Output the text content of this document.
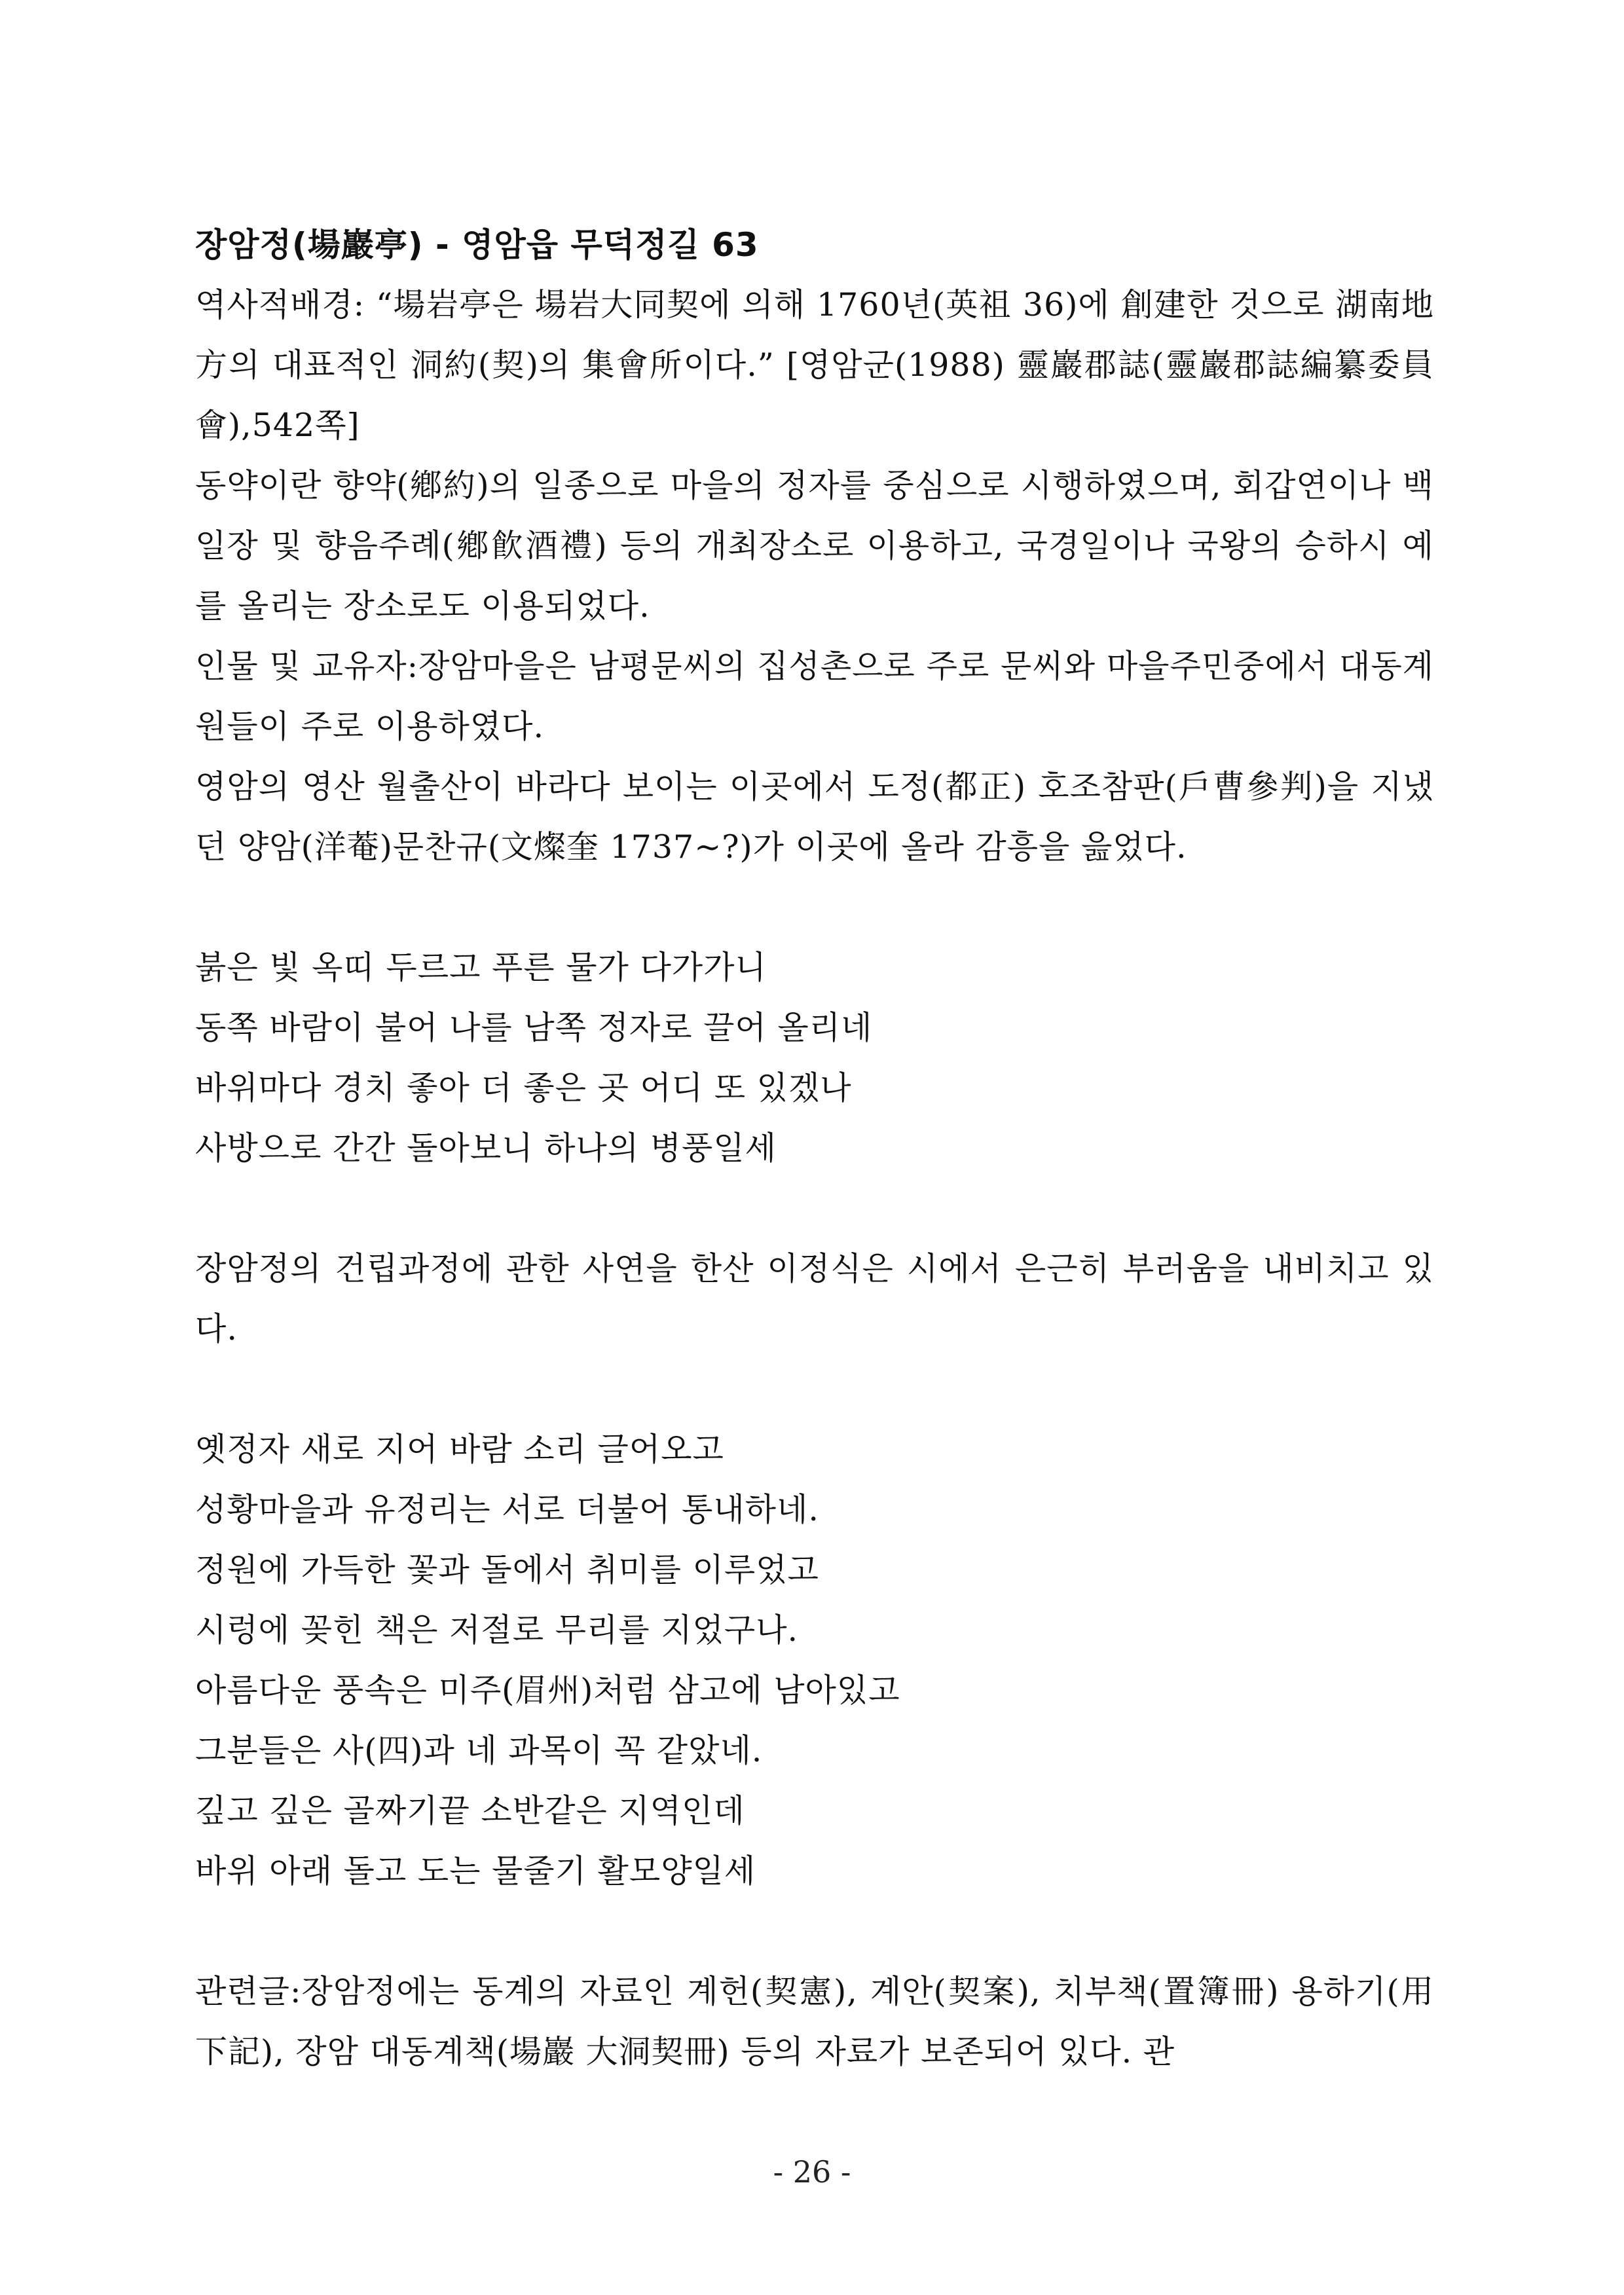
장암정(場巖亭) - 영암읍 무덕정길 63

역사적배경: “場岩亭은 場岩大同契에 의해 1760년(英祖 36)에 創建한 것으로 湖南地方의 대표적인 洞約(契)의 集會所이다.” [영암군(1988) 靈巖郡誌(靈巖郡誌編纂委員會),542쪽]

동약이란 향약(鄕約)의 일종으로 마을의 정자를 중심으로 시행하였으며, 회갑연이나 백일장 및 향음주례(鄕飮酒禮) 등의 개최장소로 이용하고, 국경일이나 국왕의 승하시 예를 올리는 장소로도 이용되었다.

인물 및 교유자:장암마을은 남평문씨의 집성촌으로 주로 문씨와 마을주민중에서 대동계원들이 주로 이용하였다.

영암의 영산 월출산이 바라다 보이는 이곳에서 도정(都正) 호조참판(戶曹參判)을 지냈던 양암(洋菴)문찬규(文燦奎 1737~?)가 이곳에 올라 감흥을 읊었다.

붉은 빛 옥띠 두르고 푸른 물가 다가가니

동쪽 바람이 불어 나를 남쪽 정자로 끌어 올리네

바위마다 경치 좋아 더 좋은 곳 어디 또 있겠나

사방으로 간간 돌아보니 하나의 병풍일세

장암정의 건립과정에 관한 사연을 한산 이정식은 시에서 은근히 부러움을 내비치고 있다.

옛정자 새로 지어 바람 소리 글어오고

성황마을과 유정리는 서로 더불어 통내하네.

정원에 가득한 꽃과 돌에서 취미를 이루었고

시렁에 꽂힌 책은 저절로 무리를 지었구나.

아름다운 풍속은 미주(眉州)처럼 삼고에 남아있고

그분들은 사(四)과 네 과목이 꼭 같았네.

깊고 깊은 골짜기끝 소반같은 지역인데

바위 아래 돌고 도는 물줄기 활모양일세

관련글:장암정에는 동계의 자료인 계헌(契憲), 계안(契案), 치부책(置簿冊) 용하기(用下記), 장암 대동계책(場巖 大洞契冊) 등의 자료가 보존되어 있다. 관

- 26 -
